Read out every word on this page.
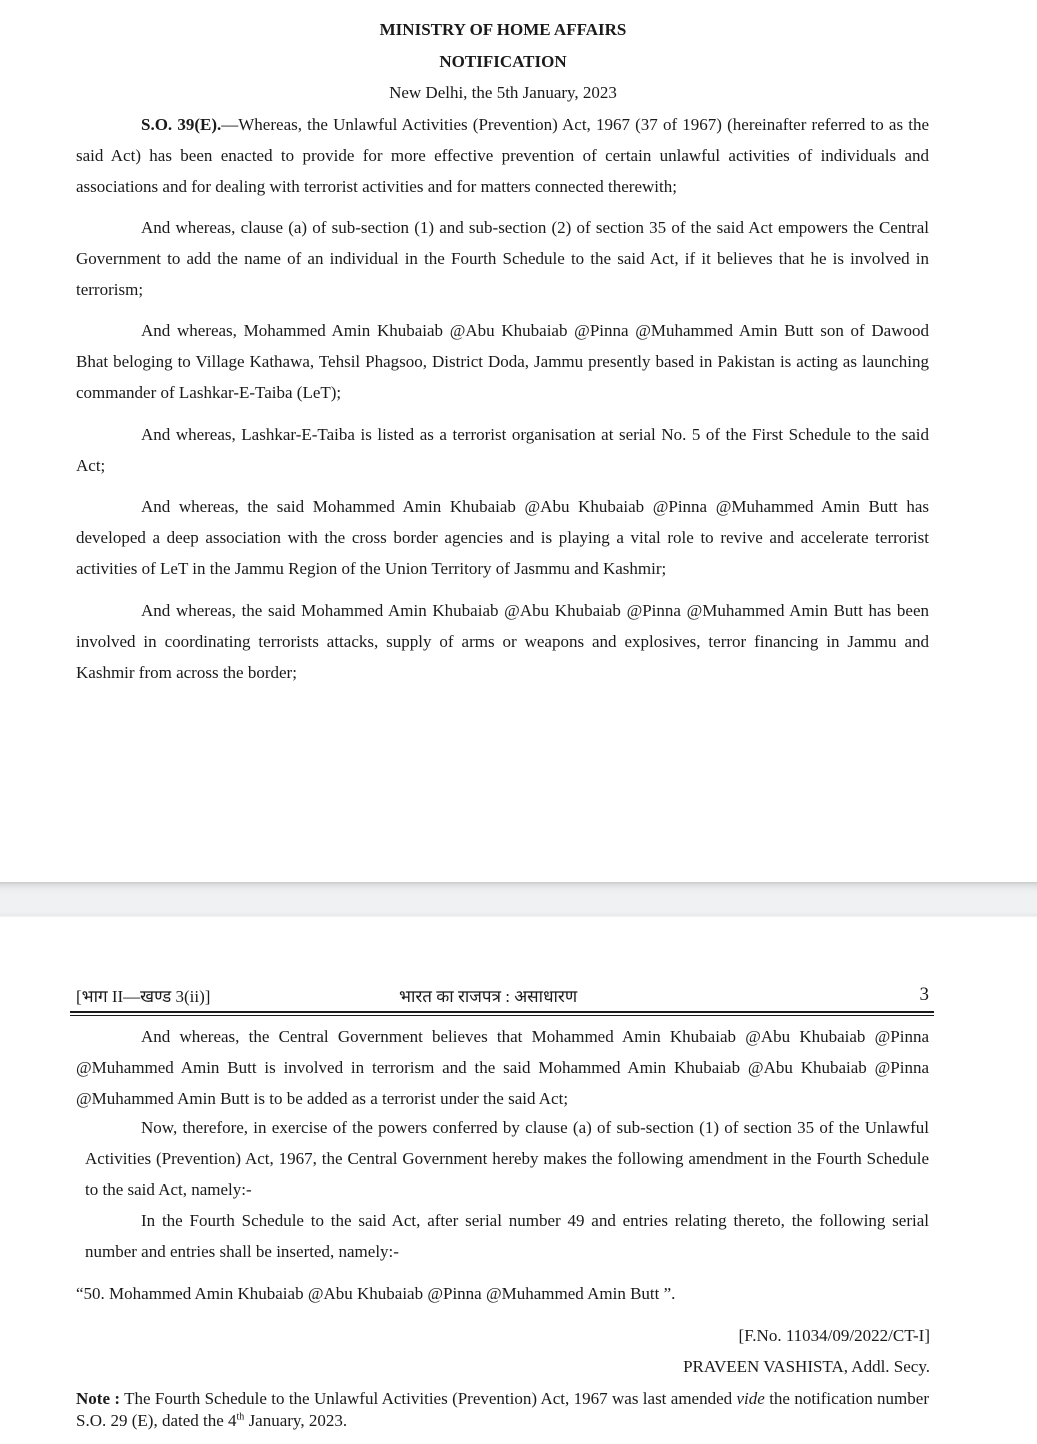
MINISTRY OF HOME AFFAIRS
NOTIFICATION
New Delhi, the 5th January, 2023
S.O. 39(E).—Whereas, the Unlawful Activities (Prevention) Act, 1967 (37 of 1967) (hereinafter referred to as the said Act) has been enacted to provide for more effective prevention of certain unlawful activities of individuals and associations and for dealing with terrorist activities and for matters connected therewith;
And whereas, clause (a) of sub-section (1) and sub-section (2) of section 35 of the said Act empowers the Central Government to add the name of an individual in the Fourth Schedule to the said Act, if it believes that he is involved in terrorism;
And whereas, Mohammed Amin Khubaiab @Abu Khubaiab @Pinna @Muhammed Amin Butt son of Dawood Bhat beloging to Village Kathawa, Tehsil Phagsoo, District Doda, Jammu presently based in Pakistan is acting as launching commander of Lashkar-E-Taiba (LeT);
And whereas, Lashkar-E-Taiba is listed as a terrorist organisation at serial No. 5 of the First Schedule to the said Act;
And whereas, the said Mohammed Amin Khubaiab @Abu Khubaiab @Pinna @Muhammed Amin Butt has developed a deep association with the cross border agencies and is playing a vital role to revive and accelerate terrorist activities of LeT in the Jammu Region of the Union Territory of Jasmmu and Kashmir;
And whereas, the said Mohammed Amin Khubaiab @Abu Khubaiab @Pinna @Muhammed Amin Butt has been involved in coordinating terrorists attacks, supply of arms or weapons and explosives, terror financing in Jammu and Kashmir from across the border;
[भाग II—खण्ड 3(ii)]	भारत का राजपत्र : असाधारण	3
And whereas, the Central Government believes that Mohammed Amin Khubaiab @Abu Khubaiab @Pinna @Muhammed Amin Butt is involved in terrorism and the said Mohammed Amin Khubaiab @Abu Khubaiab @Pinna @Muhammed Amin Butt is to be added as a terrorist under the said Act;
Now, therefore, in exercise of the powers conferred by clause (a) of sub-section (1) of section 35 of the Unlawful Activities (Prevention) Act, 1967, the Central Government hereby makes the following amendment in the Fourth Schedule to the said Act, namely:-
In the Fourth Schedule to the said Act, after serial number 49 and entries relating thereto, the following serial number and entries shall be inserted, namely:-
“50. Mohammed Amin Khubaiab @Abu Khubaiab @Pinna @Muhammed Amin Butt ”.
[F.No. 11034/09/2022/CT-I]
PRAVEEN VASHISTA, Addl. Secy.
Note : The Fourth Schedule to the Unlawful Activities (Prevention) Act, 1967 was last amended vide the notification number S.O. 29 (E), dated the 4th January, 2023.
